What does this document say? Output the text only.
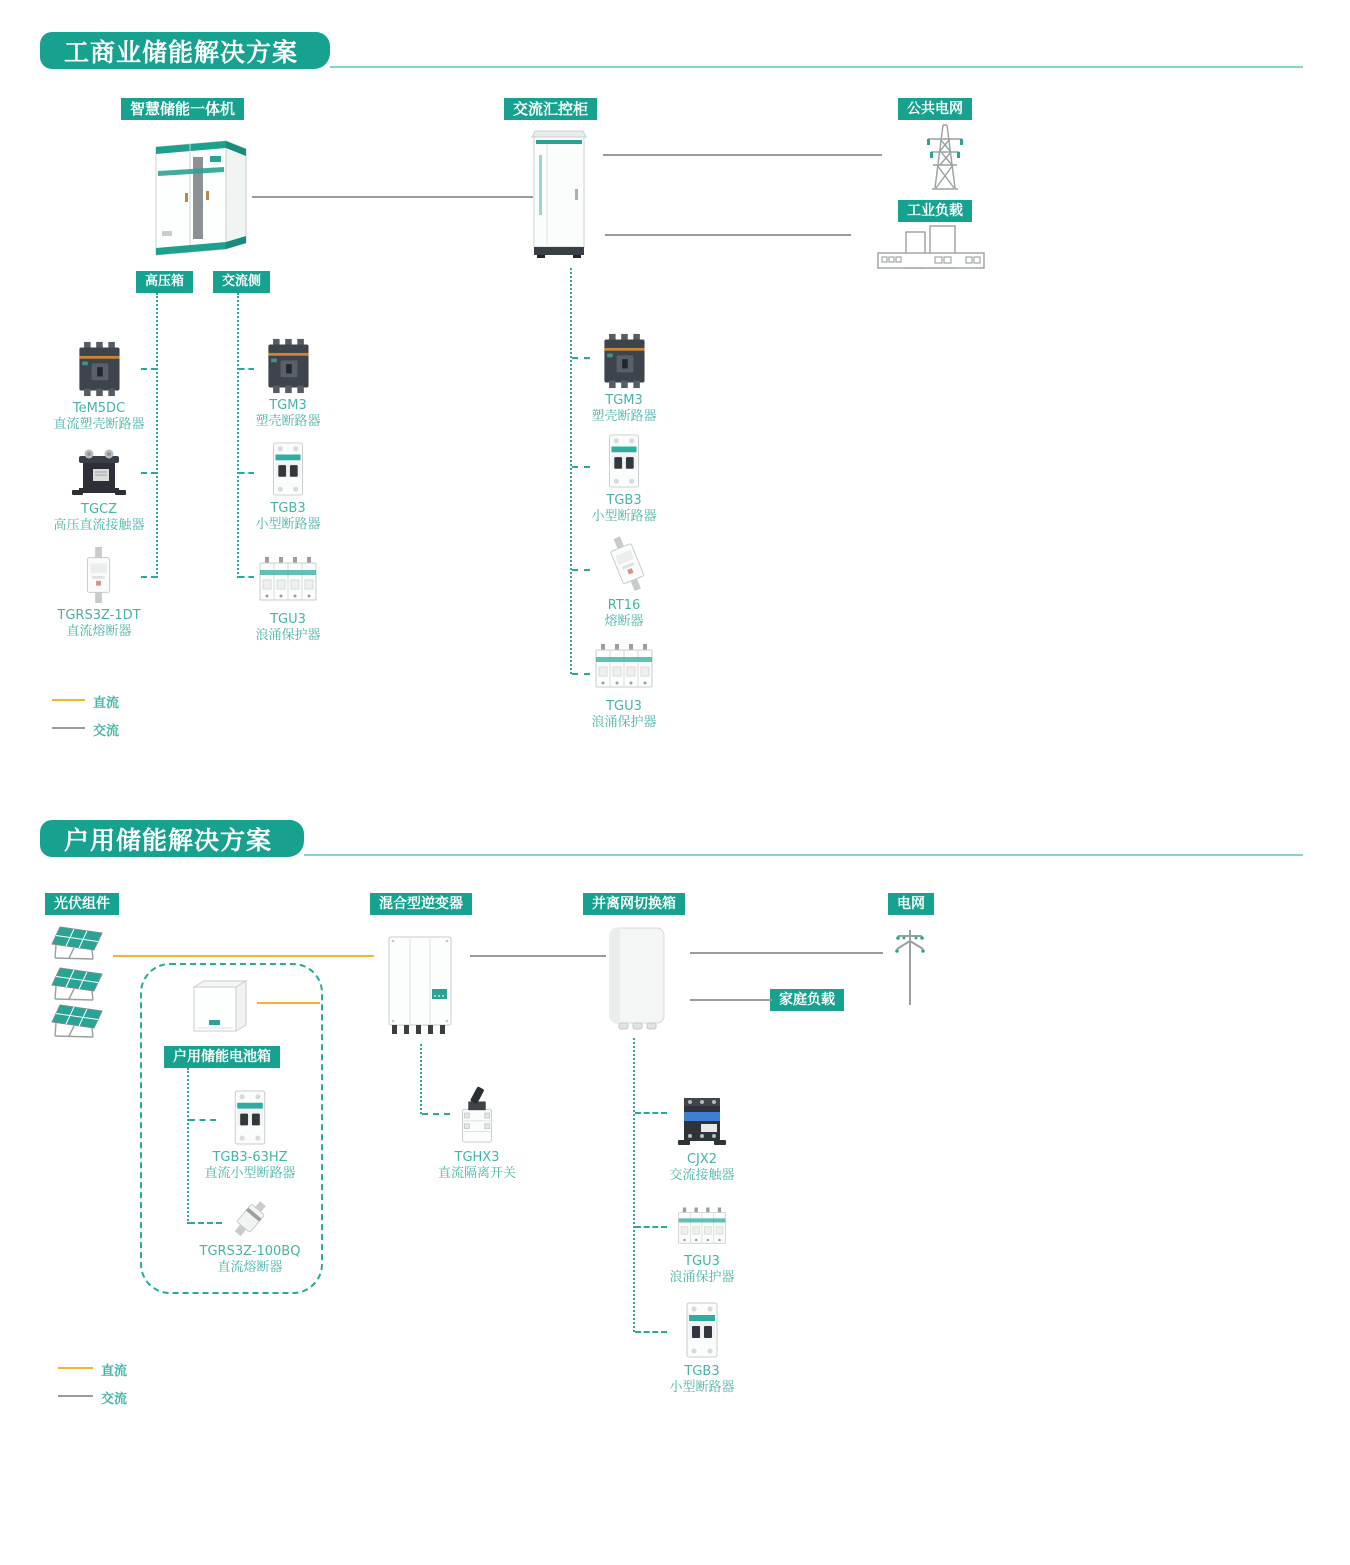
工商业储能解决方案
智慧储能一体机	交流汇控柜	公共电网
工业负载
高压箱	交流侧
TeM5DC
直流塑壳断路器
TGCZ
高压直流接触器
TGRS3Z-1DT
直流熔断器
TGM3
塑壳断路器
TGB3
小型断路器
TGU3
浪涌保护器
TGM3
塑壳断路器
TGB3
小型断路器
RT16
熔断器
TGU3
浪涌保护器
直流
交流
户用储能解决方案
光伏组件	混合型逆变器	并离网切换箱	电网
家庭负载
户用储能电池箱
TGB3-63HZ
直流小型断路器
TGRS3Z-100BQ
直流熔断器
TGHX3
直流隔离开关
CJX2
交流接触器
TGU3
浪涌保护器
TGB3
小型断路器
直流
交流
